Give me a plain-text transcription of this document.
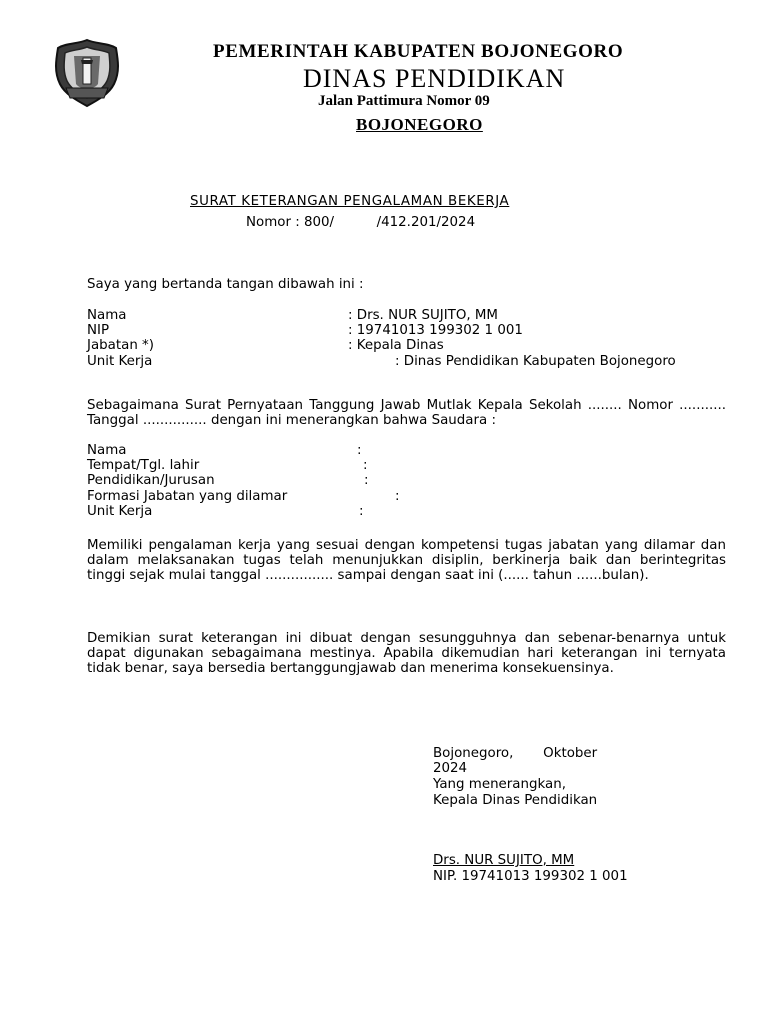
PEMERINTAH KABUPATEN BOJONEGORO
DINAS PENDIDIKAN
Jalan Pattimura Nomor 09
BOJONEGORO
SURAT KETERANGAN PENGALAMAN BEKERJA
Nomor : 800/          /412.201/2024
Saya yang bertanda tangan dibawah ini :
Nama	: Drs. NUR SUJITO, MM
NIP	: 19741013 199302 1 001
Jabatan *)	: Kepala Dinas
Unit Kerja	: Dinas Pendidikan Kabupaten Bojonegoro
Sebagaimana Surat Pernyataan Tanggung Jawab Mutlak Kepala Sekolah ........ Nomor ........... Tanggal ............... dengan ini menerangkan bahwa Saudara :
Nama	:
Tempat/Tgl. lahir	:
Pendidikan/Jurusan	:
Formasi Jabatan yang dilamar	:
Unit Kerja	:
Memiliki pengalaman kerja yang sesuai dengan kompetensi tugas jabatan yang dilamar dan dalam melaksanakan tugas telah menunjukkan disiplin, berkinerja baik dan berintegritas tinggi sejak mulai tanggal ................ sampai dengan saat ini (...... tahun ......bulan).
Demikian surat keterangan ini dibuat dengan sesungguhnya dan sebenar-benarnya untuk dapat digunakan sebagaimana mestinya. Apabila dikemudian hari keterangan ini ternyata tidak benar, saya bersedia bertanggungjawab dan menerima konsekuensinya.
Bojonegoro,       Oktober 2024
Yang menerangkan,
Kepala Dinas Pendidikan
Drs. NUR SUJITO, MM
NIP. 19741013 199302 1 001
